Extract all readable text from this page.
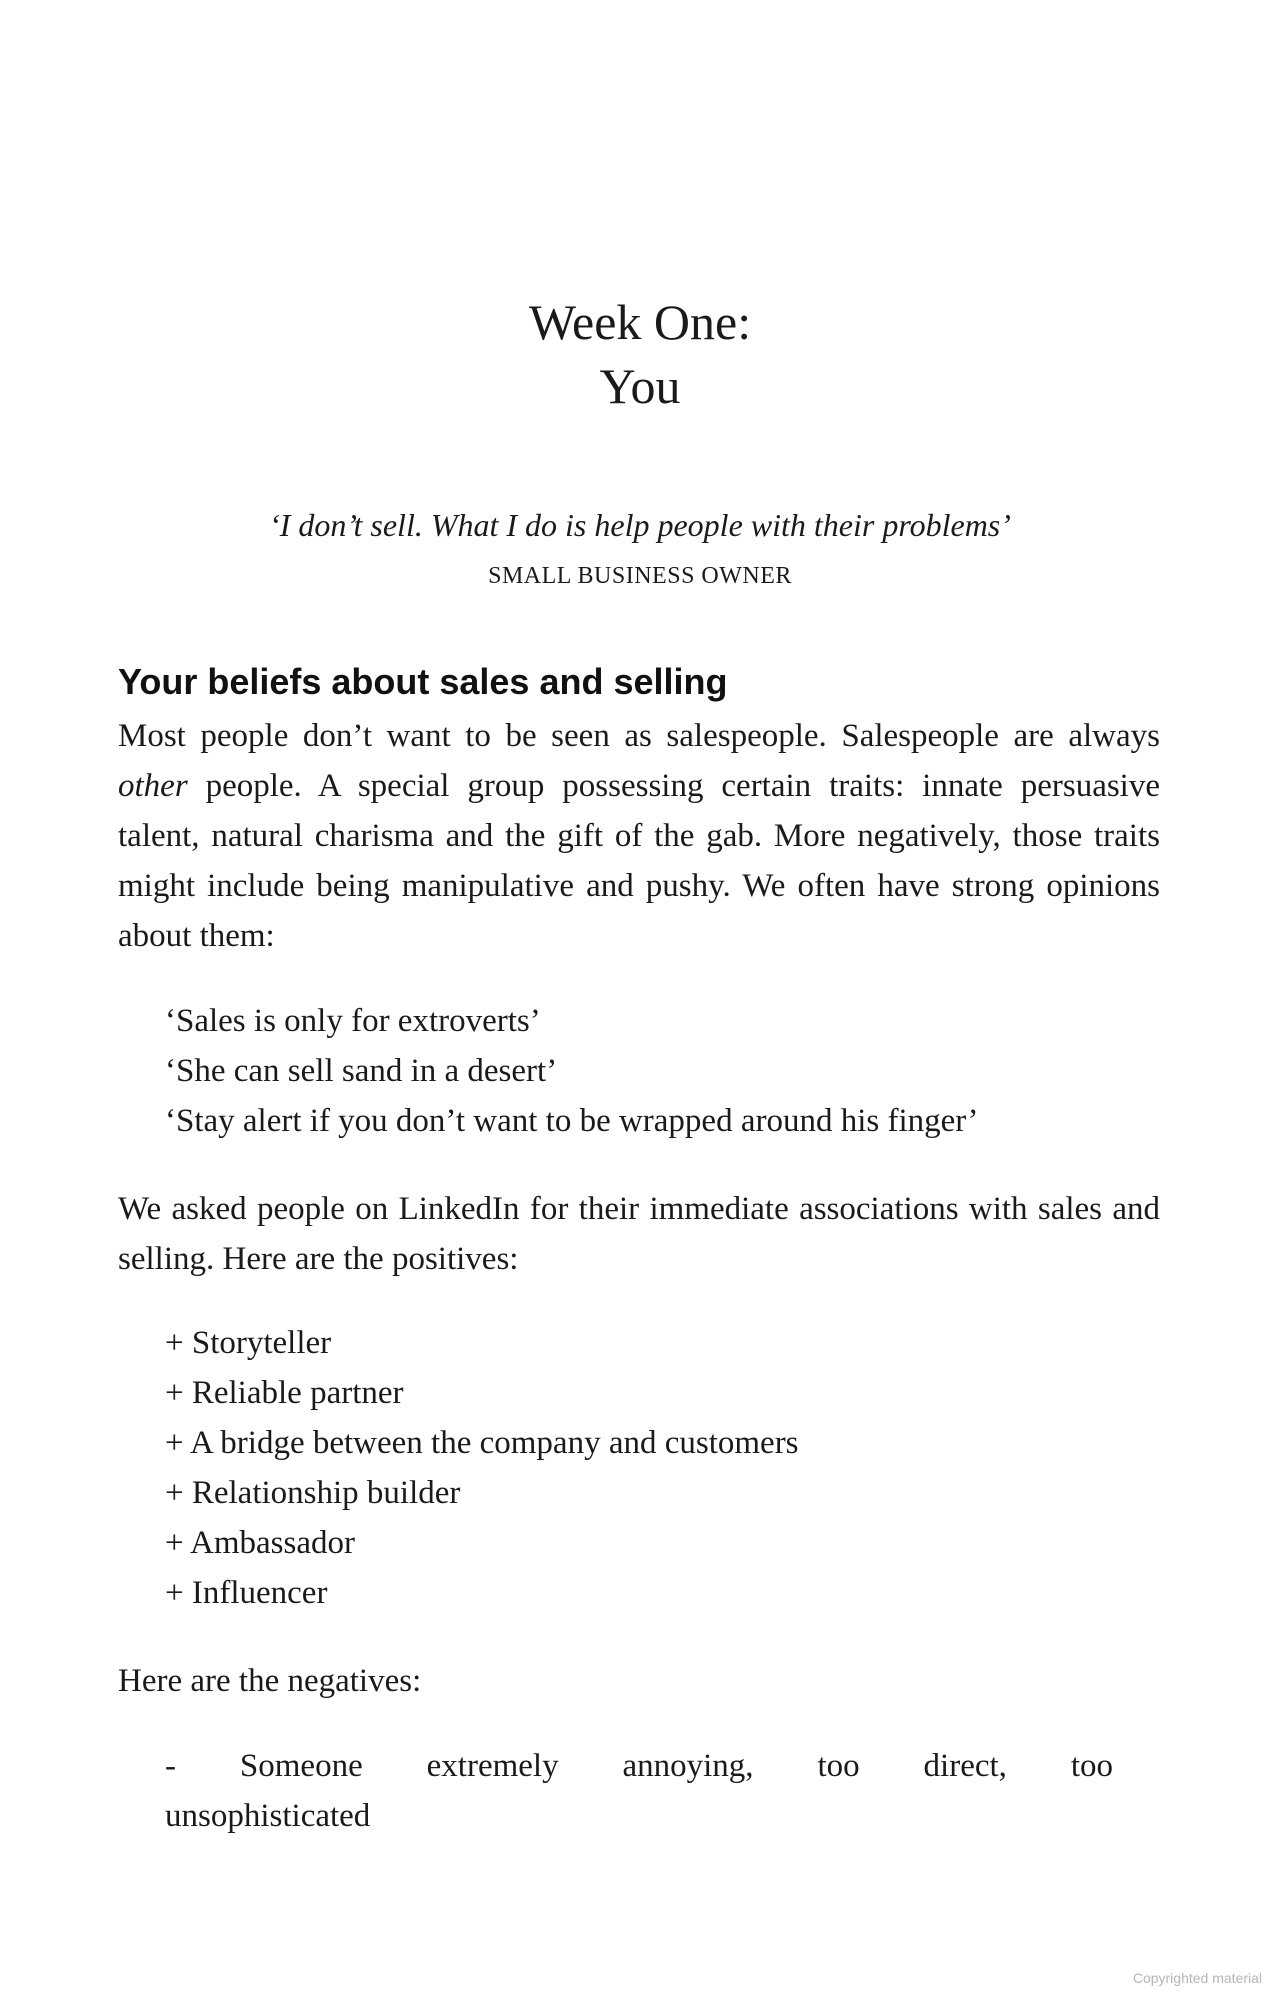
Week One:
You
‘I don’t sell. What I do is help people with their problems’
SMALL BUSINESS OWNER
Your beliefs about sales and selling
Most people don’t want to be seen as salespeople. Salespeople are always other people. A special group possessing certain traits: innate persuasive talent, natural charisma and the gift of the gab. More negatively, those traits might include being manipulative and pushy. We often have strong opinions about them:
‘Sales is only for extroverts’
‘She can sell sand in a desert’
‘Stay alert if you don’t want to be wrapped around his finger’
We asked people on LinkedIn for their immediate associations with sales and selling. Here are the positives:
+ Storyteller
+ Reliable partner
+ A bridge between the company and customers
+ Relationship builder
+ Ambassador
+ Influencer
Here are the negatives:
- Someone extremely annoying, too direct, too
unsophisticated
Copyrighted material
